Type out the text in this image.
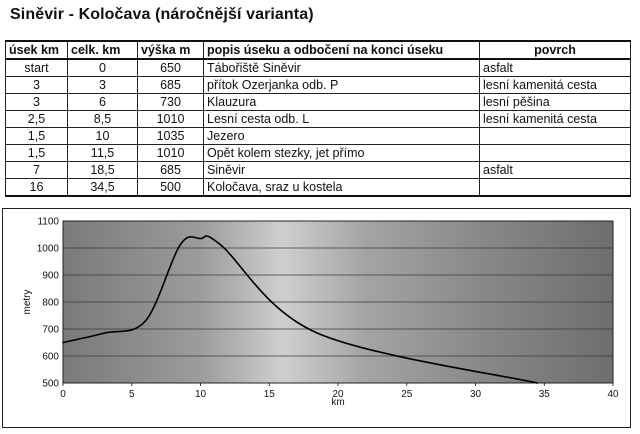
Siněvir - Koločava (náročnější varianta)
úsek km	celk. km	výška m	popis úseku a odbočení na konci úseku	povrch
start	0	650	Tábořiště Siněvir	asfalt
3	3	685	přítok Ozerjanka odb. P	lesní kamenitá cesta
3	6	730	Klauzura	lesní pěšina
2,5	8,5	1010	Lesní cesta odb. L	lesní kamenitá cesta
1,5	10	1035	Jezero	
1,5	11,5	1010	Opět kolem stezky, jet přímo	
7	18,5	685	Siněvir	asfalt
16	34,5	500	Koločava, sraz u kostela	
500
600
700
800
900
1000
1100
0	5	10	15	20	25	30	35	40
metry
km
